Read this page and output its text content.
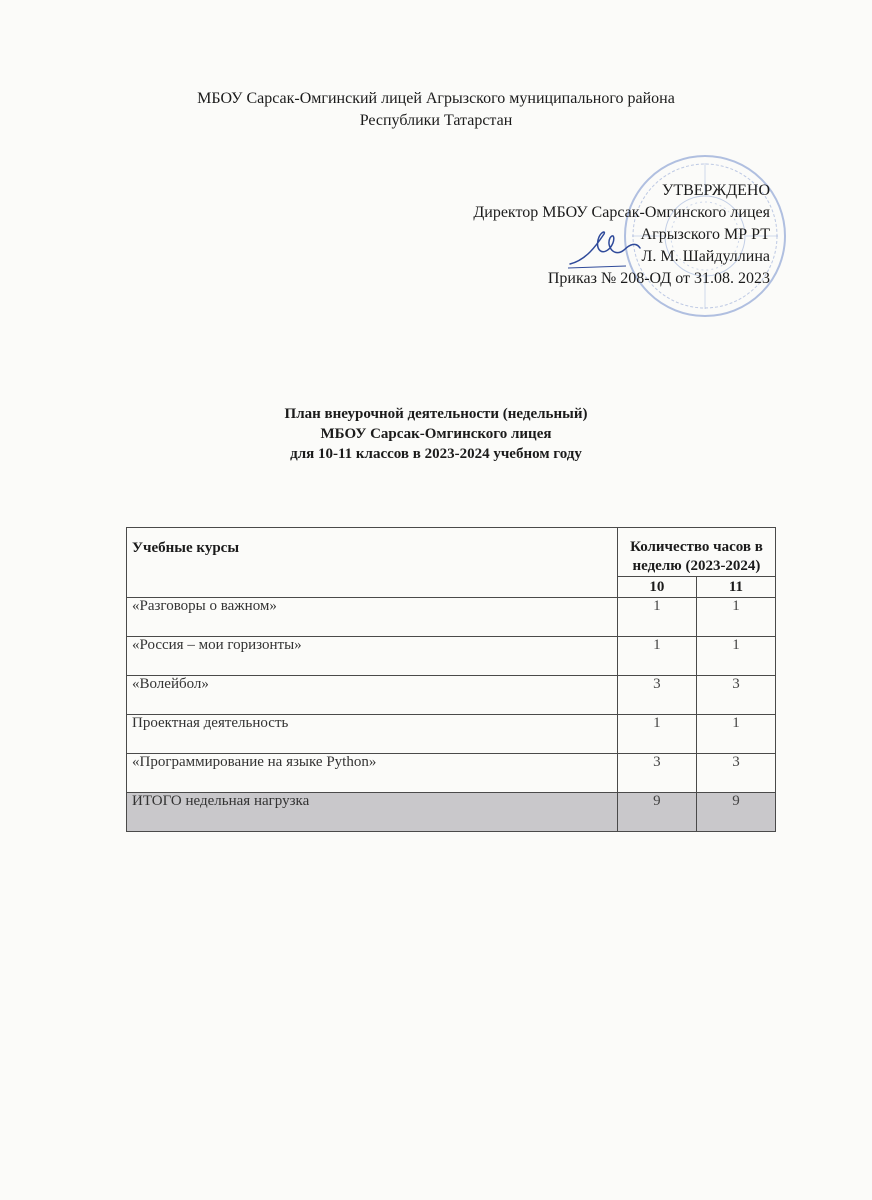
МБОУ Сарсак-Омгинский лицей Агрызского муниципального района
Республики Татарстан
УТВЕРЖДЕНО
Директор МБОУ Сарсак-Омгинского лицея
Агрызского МР РТ
Л. М. Шайдуллина
Приказ № 208-ОД от 31.08. 2023
План внеурочной деятельности (недельный)
МБОУ Сарсак-Омгинского лицея
для 10-11 классов в 2023-2024 учебном году
Учебные курсы	Количество часов в неделю (2023-2024)	
	10	11
«Разговоры о важном»	1	1
«Россия – мои горизонты»	1	1
«Волейбол»	3	3
Проектная деятельность	1	1
«Программирование на языке Python»	3	3
ИТОГО недельная нагрузка	9	9
